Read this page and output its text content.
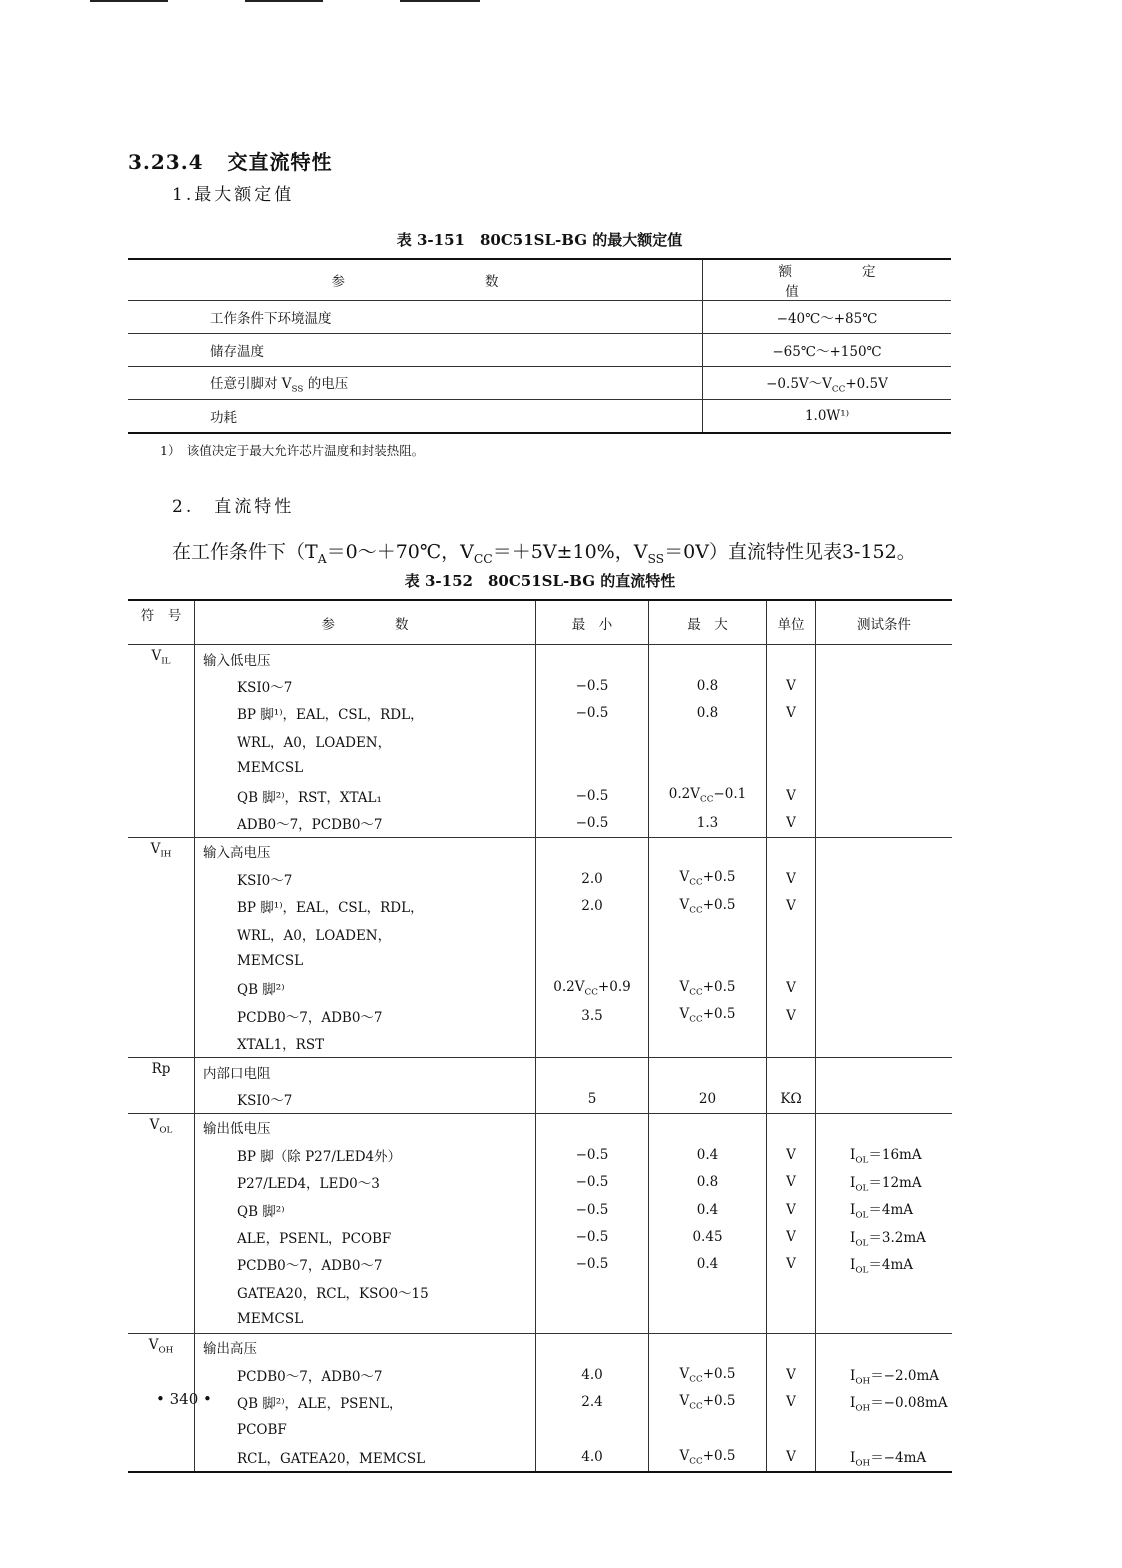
3.23.4 交直流特性
1.最大额定值
表 3-151　80C51SL-BG 的最大额定值
参数	额定值
工作条件下环境温度	−40℃～+85℃
储存温度	−65℃～+150℃
任意引脚对 $V_{SS}$ 的电压	$-0.5V\sim V_{CC}+0.5V$
功耗	1.0W¹⁾
1）　该值决定于最大允许芯片温度和封装热阻。
2.　直流特性
在工作条件下（$T_A=0\sim+70℃$，$V_{CC}=+5V\pm 10\%$，$V_{SS}=0V$）直流特性见表3-152。
表 3-152　80C51SL-BG 的直流特性
符　号	参数	最　小	最　大	单位	测试条件
$V_{IL}$	输入低电压				
	KSI0～7	−0.5	0.8	V	
	BP 脚¹⁾，EAL，CSL，RDL，	−0.5	0.8	V	
	WRL，A0，LOADEN，				
	MEMCSL				
	QB 脚²⁾，RST，XTAL₁	−0.5	$0.2V_{CC}-0.1$	V	
	ADB0～7，PCDB0～7	−0.5	1.3	V	
$V_{IH}$	输入高电压				
	KSI0～7	2.0	$V_{CC}+0.5$	V	
	BP 脚¹⁾，EAL，CSL，RDL，	2.0	$V_{CC}+0.5$	V	
	WRL，A0，LOADEN，				
	MEMCSL				
	QB 脚²⁾	$0.2V_{CC}+0.9$	$V_{CC}+0.5$	V	
	PCDB0～7，ADB0～7	3.5	$V_{CC}+0.5$	V	
	XTAL1，RST				
Rp	内部口电阻				
	KSI0～7	5	20	KΩ	
$V_{OL}$	输出低电压				
	BP 脚（除 P27/LED4外）	−0.5	0.4	V	$I_{OL}=16mA$
	P27/LED4，LED0～3	−0.5	0.8	V	$I_{OL}=12mA$
	QB 脚²⁾	−0.5	0.4	V	$I_{OL}=4mA$
	ALE，PSENL，PCOBF	−0.5	0.45	V	$I_{OL}=3.2mA$
	PCDB0～7，ADB0～7	−0.5	0.4	V	$I_{OL}=4mA$
	GATEA20，RCL，KSO0～15				
	MEMCSL				
$V_{OH}$	输出高压				
	PCDB0～7，ADB0～7	4.0	$V_{CC}+0.5$	V	$I_{OH}=-2.0mA$
	QB 脚²⁾，ALE，PSENL，	2.4	$V_{CC}+0.5$	V	$I_{OH}=-0.08mA$
	PCOBF				
	RCL，GATEA20，MEMCSL	4.0	$V_{CC}+0.5$	V	$I_{OH}=-4mA$
• 340 •
